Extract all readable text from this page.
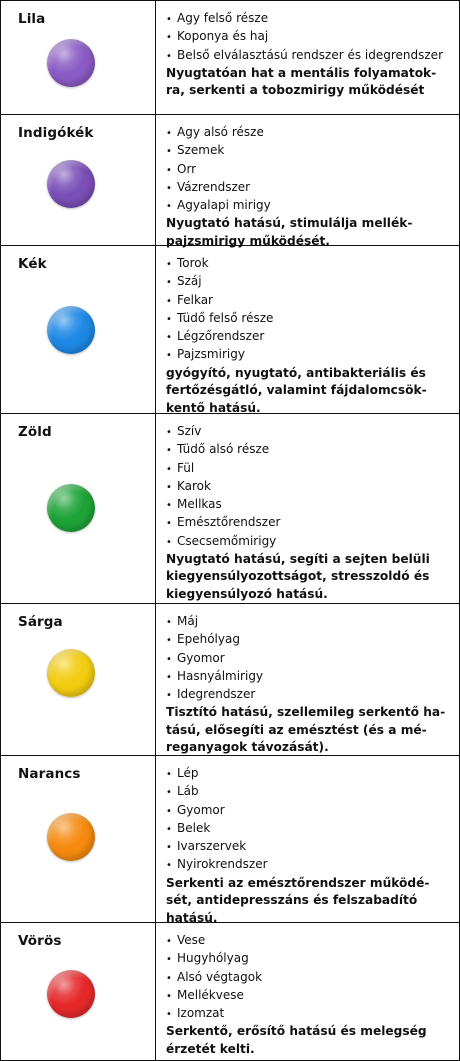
Lila	• Agy felső része
• Koponya és haj
• Belső elválasztású rendszer és idegrendszer
Nyugtatóan hat a mentális folyamatok-
ra, serkenti a tobozmirigy működését
Indigókék	• Agy alsó része
• Szemek
• Orr
• Vázrendszer
• Agyalapi mirigy
Nyugtató hatású, stimulálja mellék-
pajzsmirigy működését.
Kék	• Torok
• Száj
• Felkar
• Tüdő felső része
• Légzőrendszer
• Pajzsmirigy
gyógyító, nyugtató, antibakteriális és
fertőzésgátló, valamint fájdalomcsök-
kentő hatású.
Zöld	• Szív
• Tüdő alsó része
• Fül
• Karok
• Mellkas
• Emésztőrendszer
• Csecsemőmirigy
Nyugtató hatású, segíti a sejten belüli
kiegyensúlyozottságot, stresszoldó és
kiegyensúlyozó hatású.
Sárga	• Máj
• Epehólyag
• Gyomor
• Hasnyálmirigy
• Idegrendszer
Tisztító hatású, szellemileg serkentő ha-
tású, elősegíti az emésztést (és a mé-
reganyagok távozását).
Narancs	• Lép
• Láb
• Gyomor
• Belek
• Ivarszervek
• Nyirokrendszer
Serkenti az emésztőrendszer működé-
sét, antidepresszáns és felszabadító
hatású.
Vörös	• Vese
• Hugyhólyag
• Alsó végtagok
• Mellékvese
• Izomzat
Serkentő, erősítő hatású és melegség
érzetét kelti.
